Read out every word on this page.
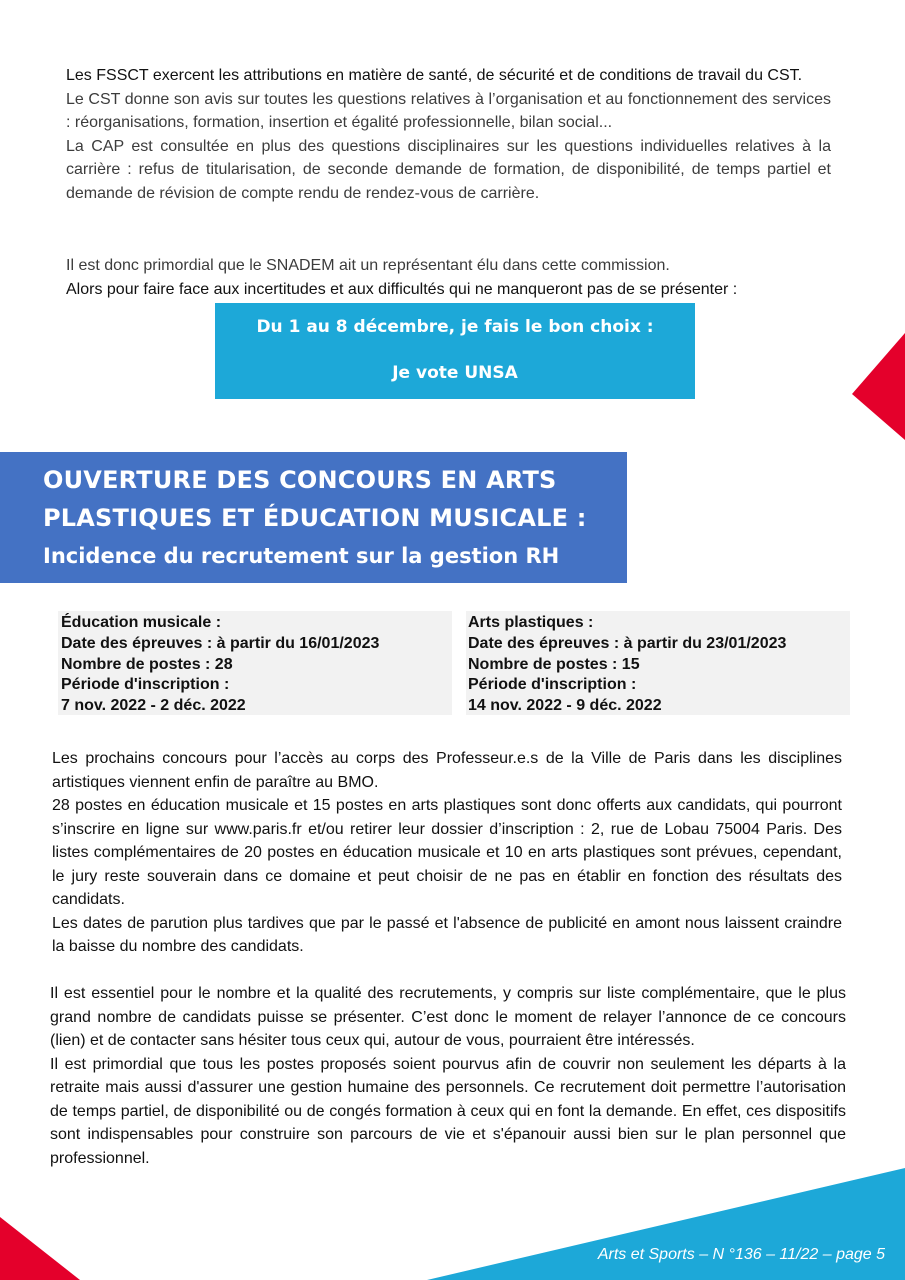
Les FSSCT exercent les attributions en matière de santé, de sécurité et de conditions de travail du CST.

Le CST donne son avis sur toutes les questions relatives à l’organisation et au fonctionnement des services : réorganisations, formation, insertion et égalité professionnelle, bilan social...

La CAP est consultée en plus des questions disciplinaires sur les questions individuelles relatives à la carrière : refus de titularisation, de seconde demande de formation, de disponibilité, de temps partiel et demande de révision de compte rendu de rendez-vous de carrière.

Il est donc primordial que le SNADEM ait un représentant élu dans cette commission.

Alors pour faire face aux incertitudes et aux difficultés qui ne manqueront pas de se présenter :

Du 1 au 8 décembre, je fais le bon choix :
Je vote UNSA
OUVERTURE DES CONCOURS EN ARTS
PLASTIQUES ET ÉDUCATION MUSICALE :
Incidence du recrutement sur la gestion RH
Éducation musicale :
Date des épreuves : à partir du 16/01/2023
Nombre de postes : 28
Période d'inscription :
7 nov. 2022 - 2 déc. 2022
Arts plastiques :
Date des épreuves : à partir du 23/01/2023
Nombre de postes : 15
Période d'inscription :
14 nov. 2022 - 9 déc. 2022

Les prochains concours pour l’accès au corps des Professeur.e.s de la Ville de Paris dans les disciplines artistiques viennent enfin de paraître au BMO.

28 postes en éducation musicale et 15 postes en arts plastiques sont donc offerts aux candidats, qui pourront s’inscrire en ligne sur www.paris.fr et/ou retirer leur dossier d’inscription : 2, rue de Lobau 75004 Paris. Des listes complémentaires de 20 postes en éducation musicale et 10 en arts plastiques sont prévues, cependant, le jury reste souverain dans ce domaine et peut choisir de ne pas en établir en fonction des résultats des candidats.

Les dates de parution plus tardives que par le passé et l'absence de publicité en amont nous laissent craindre la baisse du nombre des candidats.

Il est essentiel pour le nombre et la qualité des recrutements, y compris sur liste complémentaire, que le plus grand nombre de candidats puisse se présenter. C’est donc le moment de relayer l’annonce de ce concours (lien) et de contacter sans hésiter tous ceux qui, autour de vous, pourraient être intéressés.

Il est primordial que tous les postes proposés soient pourvus afin de couvrir non seulement les départs à la retraite mais aussi d'assurer une gestion humaine des personnels. Ce recrutement doit permettre l’autorisation de temps partiel, de disponibilité ou de congés formation à ceux qui en font la demande. En effet, ces dispositifs sont indispensables pour construire son parcours de vie et s'épanouir aussi bien sur le plan personnel que professionnel.

Arts et Sports – N °136 – 11/22 – page 5
